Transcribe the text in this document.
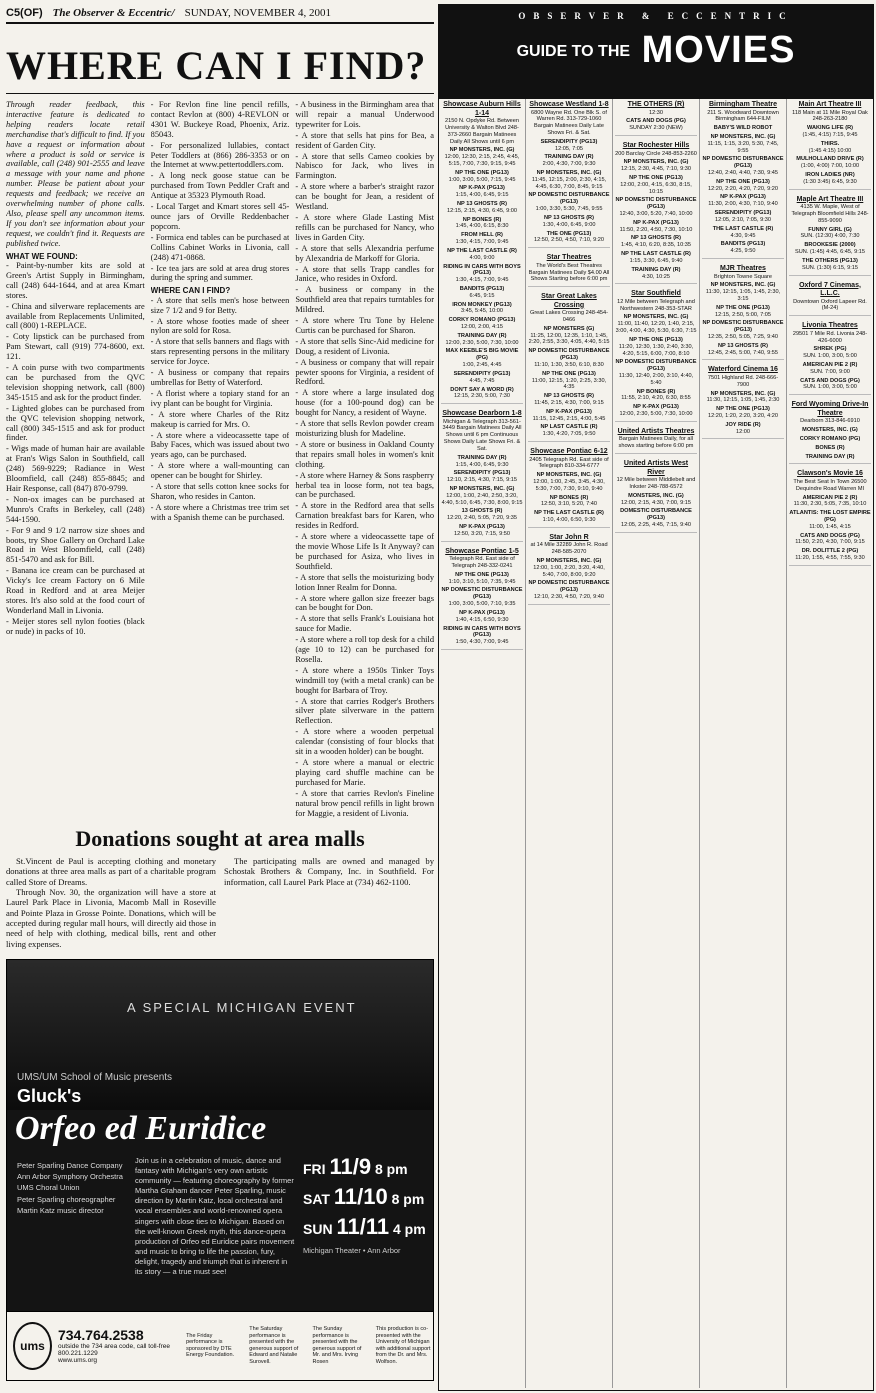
C5(OF) The Observer & Eccentric/ SUNDAY, NOVEMBER 4, 2001
WHERE CAN I FIND?

Through reader feedback, this interactive feature is dedicated to helping readers locate retail merchandise that's difficult to find. If you have a request or information about where a product is sold or service is available, call (248) 901-2555 and leave a message with your name and phone number. Please be patient about your requests and feedback; we receive an overwhelming number of phone calls. Also, please spell any uncommon items. If you don't see information about your request, we couldn't find it. Requests are published twice.

WHAT WE FOUND:

- Paint-by-number kits are sold at Green's Artist Supply in Birmingham, call (248) 644-1644, and at area Kmart stores.

- China and silverware replacements are available from Replacements Unlimited, call (800) 1-REPLACE.

- Coty lipstick can be purchased from Pam Stewart, call (919) 774-8600, ext. 121.

- A coin purse with two compartments can be purchased from the QVC television shopping network, call (800) 345-1515 and ask for the product finder.

- Lighted globes can be purchased from the QVC television shopping network, call (800) 345-1515 and ask for product finder.

- Wigs made of human hair are available at Fran's Wigs Salon in Southfield, call (248) 569-9229; Radiance in West Bloomfield, call (248) 855-8845; and Hair Response, call (847) 870-9799.

- Non-ox images can be purchased at Munro's Crafts in Berkeley, call (248) 544-1590.

- For 9 and 9 1/2 narrow size shoes and boots, try Shoe Gallery on Orchard Lake Road in West Bloomfield, call (248) 851-5470 and ask for Bill.

- Banana ice cream can be purchased at Vicky's Ice cream Factory on 6 Mile Road in Redford and at area Meijer stores. It's also sold at the food court of Wonderland Mall in Livonia.

- Meijer stores sell nylon footies (black or nude) in packs of 10.

- For Revlon fine line pencil refills, contact Revlon at (800) 4-REVLON or 4301 W. Buckeye Road, Phoenix, Ariz. 85043.

- For personalized lullabies, contact Peter Toddlers at (866) 286-3353 or on the Internet at www.pettertoddlers.com.

- A long neck goose statue can be purchased from Town Peddler Craft and Antique at 35323 Plymouth Road.

- Local Target and Kmart stores sell 45-ounce jars of Orville Reddenbacher popcorn.

- Formica end tables can be purchased at Collins Cabinet Works in Livonia, call (248) 471-0868.

- Ice tea jars are sold at area drug stores during the spring and summer.

WHERE CAN I FIND?

- A store that sells men's hose between size 7 1/2 and 9 for Betty.

- A store whose footies made of sheer nylon are sold for Rosa.

- A store that sells banners and flags with stars representing persons in the military service for Joyce.

- A business or company that repairs umbrellas for Betty of Waterford.

- A florist where a topiary stand for an ivy plant can be bought for Virginia.

- A store where Charles of the Ritz makeup is carried for Mrs. O.

- A store where a videocassette tape of Baby Faces, which was issued about two years ago, can be purchased.

- A store where a wall-mounting can opener can be bought for Shirley.

- A store that sells cotton knee socks for Sharon, who resides in Canton.

- A store where a Christmas tree trim set with a Spanish theme can be purchased.

- A business in the Birmingham area that will repair a manual Underwood typewriter for Lois.

- A store that sells hat pins for Bea, a resident of Garden City.

- A store that sells Cameo cookies by Nabisco for Jack, who lives in Farmington.

- A store where a barber's straight razor can be bought for Jean, a resident of Westland.

- A store where Glade Lasting Mist refills can be purchased for Nancy, who lives in Garden City.

- A store that sells Alexandria perfume by Alexandria de Markoff for Gloria.

- A store that sells Trapp candles for Janice, who resides in Oxford.

- A business or company in the Southfield area that repairs turntables for Mildred.

- A store where Tru Tone by Helene Curtis can be purchased for Sharon.

- A store that sells Sinc-Aid medicine for Doug, a resident of Livonia.

- A business or company that will repair pewter spoons for Virginia, a resident of Redford.

- A store where a large insulated dog house (for a 100-pound dog) can be bought for Nancy, a resident of Wayne.

- A store that sells Revlon powder cream moisturizing blush for Madeline.

- A store or business in Oakland County that repairs small holes in women's knit clothing.

- A store where Harney & Sons raspberry herbal tea in loose form, not tea bags, can be purchased.

- A store in the Redford area that sells Carnation breakfast bars for Karen, who resides in Redford.

- A store where a videocassette tape of the movie Whose Life Is It Anyway? can be purchased for Asiza, who lives in Southfield.

- A store that sells the moisturizing body lotion Inner Realm for Donna.

- A store where gallon size freezer bags can be bought for Don.

- A store that sells Frank's Louisiana hot sauce for Madie.

- A store where a roll top desk for a child (age 10 to 12) can be purchased for Rosella.

- A store where a 1950s Tinker Toys windmill toy (with a metal crank) can be bought for Barbara of Troy.

- A store that carries Rodger's Brothers silver plate silverware in the pattern Reflection.

- A store where a wooden perpetual calendar (consisting of four blocks that sit in a wooden holder) can be bought.

- A store where a manual or electric playing card shuffle machine can be purchased for Marie.

- A store that carries Revlon's Fineline natural brow pencil refills in light brown for Maggie, a resident of Livonia.

Donations sought at area malls

St.Vincent de Paul is accepting clothing and monetary donations at three area malls as part of a charitable program called Store of Dreams.

Through Nov. 30, the organization will have a store at Laurel Park Place in Livonia, Macomb Mall in Roseville and Pointe Plaza in Grosse Pointe. Donations, which will be accepted during regular mall hours, will directly aid those in need of help with clothing, medical bills, rent and other living expenses.

The participating malls are owned and managed by Schostak Brothers & Company, Inc. in Southfield. For information, call Laurel Park Place at (734) 462-1100.

A SPECIAL MICHIGAN EVENT
UMS/UM School of Music presents
Gluck's
Orfeo ed Euridice
Peter Sparling Dance Company
Ann Arbor Symphony Orchestra
UMS Choral Union
Peter Sparling choreographer
Martin Katz music director
Join us in a celebration of music, dance and fantasy with Michigan's very own artistic community — featuring choreography by former Martha Graham dancer Peter Sparling, music direction by Martin Katz, local orchestral and vocal ensembles and world-renowned opera singers with close ties to Michigan. Based on the well-known Greek myth, this dance-opera production of Orfeo ed Euridice pairs movement and music to bring to life the passion, fury, delight, tragedy and triumph that is inherent in its story — a true must see!
FRI 11/9 8 pm
SAT 11/10 8 pm
SUN 11/11 4 pm
Michigan Theater • Ann Arbor
ums
734.764.2538
outside the 734 area code, call toll-free 800.221.1229
www.ums.org
The Friday performance is sponsored by DTE Energy Foundation.
The Saturday performance is presented with the generous support of Edward and Natalie Surovell.
The Sunday performance is presented with the generous support of Mr. and Mrs. Irving Rosen
This production is co-presented with the University of Michigan with additional support from the Dr. and Mrs. Wolfson.
OBSERVER & ECCENTRIC
GUIDE TO THE MOVIES
Showcase Auburn Hills 1-14
2150 N. Opdyke Rd. Between University & Walton Blvd 248-373-2660 Bargain Matinees Daily All Shows until 6 pm
NP MONSTERS, INC. (G)
12:00, 12:30, 2:15, 2:45, 4:45, 5:15, 7:00, 7:30, 9:15, 9:45
NP THE ONE (PG13)
1:00, 3:00, 5:00, 7:15, 9:45
NP K-PAX (PG13)
1:15, 4:00, 6:45, 9:15
NP 13 GHOSTS (R)
12:15, 2:15, 4:30, 6:45, 9:00
NP BONES (R)
1:45, 4:00, 6:15, 8:30
FROM HELL (R)
1:30, 4:15, 7:00, 9:45
NP THE LAST CASTLE (R)
4:00, 9:00
RIDING IN CARS WITH BOYS (PG13)
1:30, 4:15, 7:00, 9:45
BANDITS (PG13)
6:45, 9:15
IRON MONKEY (PG13)
3:45, 5:45, 10:00
CORKY ROMANO (PG13)
12:00, 2:00, 4:15
TRAINING DAY (R)
12:00, 2:30, 5:00, 7:30, 10:00
MAX KEEBLE'S BIG MOVIE (PG)
1:00, 2:45, 4:45
SERENDIPITY (PG13)
4:45, 7:45
DON'T SAY A WORD (R)
12:15, 2:30, 5:00, 7:30
Showcase Dearborn 1-8
Michigan & Telegraph 313-561-3449 Bargain Matinees Daily All Shows until 6 pm Continuous Shows Daily Late Shows Fri. & Sat.
TRAINING DAY (R)
1:15, 4:00, 6:45, 9:30
SERENDIPITY (PG13)
12:10, 2:15, 4:30, 7:15, 9:15
NP MONSTERS, INC. (G)
12:00, 1:00, 2:40, 2:50, 3:20, 4:40, 5:10, 6:45, 7:30, 8:00, 9:15
13 GHOSTS (R)
12:20, 2:40, 5:05, 7:20, 9:35
NP K-PAX (PG13)
12:50, 3:20, 7:15, 9:50
Showcase Pontiac 1-5
Telegraph Rd. East side of Telegraph 248-332-0241
NP THE ONE (PG13)
1:10, 3:10, 5:10, 7:35, 9:45
NP DOMESTIC DISTURBANCE (PG13)
1:00, 3:00, 5:00, 7:10, 9:35
NP K-PAX (PG13)
1:40, 4:15, 6:50, 9:30
RIDING IN CARS WITH BOYS (PG13)
1:50, 4:30, 7:00, 9:45
Showcase Westland 1-8
6800 Wayne Rd. One Blk S. of Warren Rd. 313-729-1060 Bargain Matinees Daily Late Shows Fri. & Sat.
SERENDIPITY (PG13)
12:05, 7:05
TRAINING DAY (R)
2:00, 4:30, 7:00, 9:30
NP MONSTERS, INC. (G)
11:45, 12:15, 2:00, 2:30, 4:15, 4:45, 6:30, 7:00, 8:45, 9:15
NP DOMESTIC DISTURBANCE (PG13)
1:00, 3:30, 5:30, 7:45, 9:55
NP 13 GHOSTS (R)
1:30, 4:00, 6:45, 9:00
THE ONE (PG13)
12:50, 2:50, 4:50, 7:10, 9:20
Star Theatres
The World's Best Theatres Bargain Matinees Daily $4.00 All Shows Starting before 6:00 pm
Star Great Lakes Crossing
Great Lakes Crossing 248-454-0466
NP MONSTERS (G)
11:25, 12:00, 12:35, 1:10, 1:45, 2:20, 2:55, 3:30, 4:05, 4:40, 5:15
NP DOMESTIC DISTURBANCE (PG13)
11:10, 1:30, 3:50, 6:10, 8:30
NP THE ONE (PG13)
11:00, 12:15, 1:20, 2:25, 3:30, 4:35
NP 13 GHOSTS (R)
11:45, 2:15, 4:30, 7:00, 9:15
NP K-PAX (PG13)
11:15, 12:45, 2:15, 4:00, 5:45
NP LAST CASTLE (R)
1:30, 4:20, 7:05, 9:50
Showcase Pontiac 6-12
2405 Telegraph Rd. East side of Telegraph 810-334-6777
NP MONSTERS, INC. (G)
12:00, 1:00, 2:45, 3:45, 4:30, 5:30, 7:00, 7:30, 9:10, 9:40
NP BONES (R)
12:50, 3:10, 5:20, 7:40
NP THE LAST CASTLE (R)
1:10, 4:00, 6:50, 9:30
Star John R
at 14 Mile 32289 John R. Road 248-585-2070
NP MONSTERS, INC. (G)
12:00, 1:00, 2:20, 3:20, 4:40, 5:40, 7:00, 8:00, 9:20
NP DOMESTIC DISTURBANCE (PG13)
12:10, 2:30, 4:50, 7:20, 9:40
THE OTHERS (R)
12:30
CATS AND DOGS (PG)
SUNDAY 2:30 (NEW)
Star Rochester Hills
200 Barclay Circle 248-853-2260
NP MONSTERS, INC. (G)
12:15, 2:30, 4:45, 7:10, 9:30
NP THE ONE (PG13)
12:00, 2:00, 4:15, 6:30, 8:15, 10:15
NP DOMESTIC DISTURBANCE (PG13)
12:40, 3:00, 5:20, 7:40, 10:00
NP K-PAX (PG13)
11:50, 2:20, 4:50, 7:30, 10:10
NP 13 GHOSTS (R)
1:45, 4:10, 6:20, 8:35, 10:35
NP THE LAST CASTLE (R)
1:15, 3:30, 6:45, 9:40
TRAINING DAY (R)
4:30, 10:25
Star Southfield
12 Mile between Telegraph and Northwestern 248-353-STAR
NP MONSTERS, INC. (G)
11:00, 11:40, 12:20, 1:40, 2:15, 3:00, 4:00, 4:30, 5:30, 6:30, 7:15
NP THE ONE (PG13)
11:20, 12:30, 1:30, 2:40, 3:30, 4:20, 5:15, 6:00, 7:00, 8:10
NP DOMESTIC DISTURBANCE (PG13)
11:30, 12:40, 2:00, 3:10, 4:40, 5:40
NP BONES (R)
11:55, 2:10, 4:20, 6:30, 8:55
NP K-PAX (PG13)
12:00, 2:30, 5:00, 7:30, 10:00
United Artists Theatres
Bargain Matinees Daily, for all shows starting before 6:00 pm
United Artists West River
12 Mile between Middlebelt and Inkster 248-788-6572
MONSTERS, INC. (G)
12:00, 2:15, 4:30, 7:00, 9:15
DOMESTIC DISTURBANCE (PG13)
12:05, 2:25, 4:45, 7:15, 9:40
Birmingham Theatre
211 S. Woodward Downtown Birmingham 644-FILM
BABY'S WILD ROBOT
NP MONSTERS, INC. (G)
11:15, 1:15, 3:20, 5:30, 7:45, 9:55
NP DOMESTIC DISTURBANCE (PG13)
12:40, 2:40, 4:40, 7:30, 9:45
NP THE ONE (PG13)
12:20, 2:20, 4:20, 7:20, 9:20
NP K-PAX (PG13)
11:30, 2:00, 4:30, 7:10, 9:40
SERENDIPITY (PG13)
12:05, 2:10, 7:05, 9:30
THE LAST CASTLE (R)
4:30, 9:45
BANDITS (PG13)
4:25, 9:50
MJR Theatres
Brighton Towne Square
NP MONSTERS, INC. (G)
11:30, 12:15, 1:05, 1:45, 2:30, 3:15
NP THE ONE (PG13)
12:15, 2:50, 5:00, 7:05
NP DOMESTIC DISTURBANCE (PG13)
12:35, 2:50, 5:05, 7:25, 9:40
NP 13 GHOSTS (R)
12:45, 2:45, 5:00, 7:40, 9:55
Waterford Cinema 16
7501 Highland Rd. 248-666-7900
NP MONSTERS, INC. (G)
11:30, 12:15, 1:05, 1:45, 2:30
NP THE ONE (PG13)
12:20, 1:20, 2:20, 3:20, 4:20
JOY RIDE (R)
12:00
Main Art Theatre III
118 Main at 11 Mile Royal Oak 248-263-2180
WAKING LIFE (R)
(1:45, 4:15) 7:15, 9:45
THIRS.
(1:45 4:15) 10:00
MULHOLLAND DRIVE (R)
(1:00, 4:00) 7:00, 10:00
IRON LADIES (NR)
(1:30 3:45) 6:45, 9:30
Maple Art Theatre III
4135 W. Maple, West of Telegraph Bloomfield Hills 248-855-9090
FUNNY GIRL (G)
SUN. (12:30) 4:00, 7:30
BROOKESIE (2000)
SUN. (1:45) 4:45, 6:45, 9:15
THE OTHERS (PG13)
SUN. (1:30) 6:15, 9:15
Oxford 7 Cinemas, L.L.C.
Downtown Oxford Lapeer Rd. (M-24)
Livonia Theatres
29501 7 Mile Rd. Livonia 248-426-6000
SHREK (PG)
SUN. 1:00, 3:00, 5:00
AMERICAN PIE 2 (R)
SUN. 7:00, 9:00
CATS AND DOGS (PG)
SUN. 1:00, 3:00, 5:00
Ford Wyoming Drive-In Theatre
Dearborn 313-846-6910
MONSTERS, INC. (G)
CORKY ROMANO (PG)
BONES (R)
TRAINING DAY (R)
Clawson's Movie 16
The Best Seat In Town 26500 Dequindre Road Warren MI
AMERICAN PIE 2 (R)
11:30, 2:30, 5:05, 7:35, 10:10
ATLANTIS: THE LOST EMPIRE (PG)
11:00, 1:45, 4:15
CATS AND DOGS (PG)
11:50, 2:20, 4:30, 7:00, 9:15
DR. DOLITTLE 2 (PG)
11:20, 1:55, 4:55, 7:55, 9:30
